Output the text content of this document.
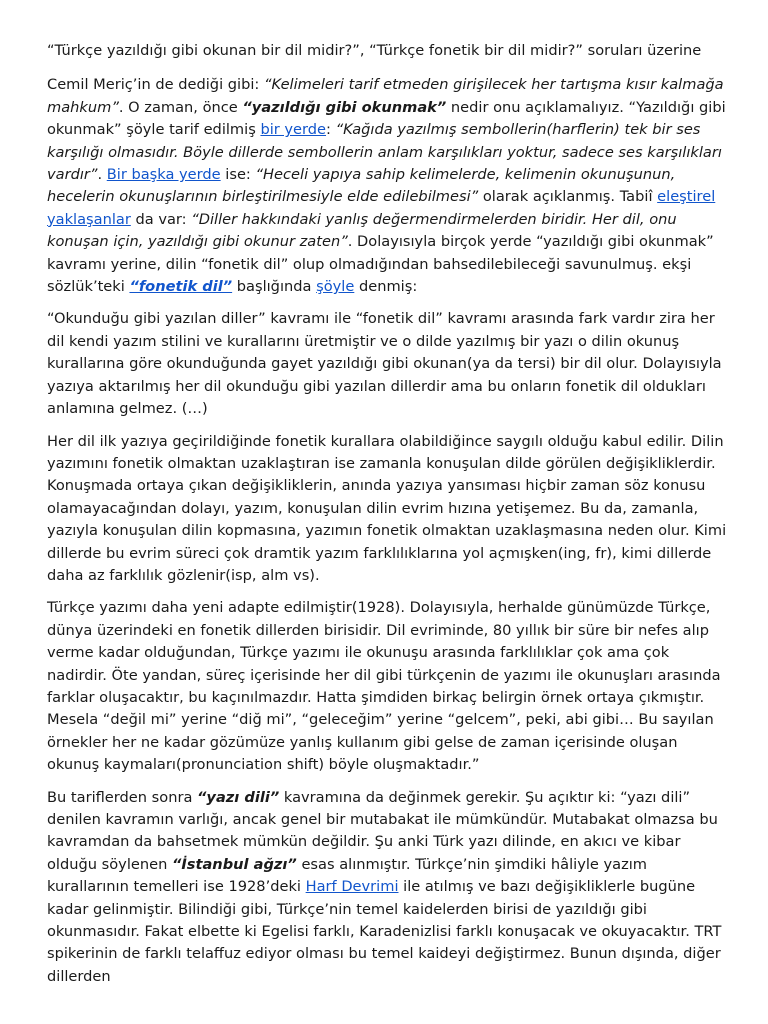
“Türkçe yazıldığı gibi okunan bir dil midir?”, “Türkçe fonetik bir dil midir?” soruları üzerine

Cemil Meriç’in de dediği gibi: “Kelimeleri tarif etmeden girişilecek her tartışma kısır kalmağa mahkum”. O zaman, önce “yazıldığı gibi okunmak” nedir onu açıklamalıyız. “Yazıldığı gibi okunmak” şöyle tarif edilmiş bir yerde: “Kağıda yazılmış sembollerin(harflerin) tek bir ses karşılığı olmasıdır. Böyle dillerde sembollerin anlam karşılıkları yoktur, sadece ses karşılıkları vardır”. Bir başka yerde ise: “Heceli yapıya sahip kelimelerde, kelimenin okunuşunun, hecelerin okunuşlarının birleştirilmesiyle elde edilebilmesi” olarak açıklanmış. Tabiî eleştirel yaklaşanlar da var: “Diller hakkındaki yanlış değermendirmelerden biridir. Her dil, onu konuşan için, yazıldığı gibi okunur zaten”. Dolayısıyla birçok yerde “yazıldığı gibi okunmak” kavramı yerine, dilin “fonetik dil” olup olmadığından bahsedilebileceği savunulmuş. ekşi sözlük’teki “fonetik dil” başlığında şöyle denmiş:

“Okunduğu gibi yazılan diller” kavramı ile “fonetik dil” kavramı arasında fark vardır zira her dil kendi yazım stilini ve kurallarını üretmiştir ve o dilde yazılmış bir yazı o dilin okunuş kurallarına göre okunduğunda gayet yazıldığı gibi okunan(ya da tersi) bir dil olur. Dolayısıyla yazıya aktarılmış her dil okunduğu gibi yazılan dillerdir ama bu onların fonetik dil oldukları anlamına gelmez. (…)

Her dil ilk yazıya geçirildiğinde fonetik kurallara olabildiğince saygılı olduğu kabul edilir. Dilin yazımını fonetik olmaktan uzaklaştıran ise zamanla konuşulan dilde görülen değişikliklerdir. Konuşmada ortaya çıkan değişikliklerin, anında yazıya yansıması hiçbir zaman söz konusu olamayacağından dolayı, yazım, konuşulan dilin evrim hızına yetişemez. Bu da, zamanla, yazıyla konuşulan dilin kopmasına, yazımın fonetik olmaktan uzaklaşmasına neden olur. Kimi dillerde bu evrim süreci çok dramtik yazım farklılıklarına yol açmışken(ing, fr), kimi dillerde daha az farklılık gözlenir(isp, alm vs).

Türkçe yazımı daha yeni adapte edilmiştir(1928). Dolayısıyla, herhalde günümüzde Türkçe, dünya üzerindeki en fonetik dillerden birisidir. Dil evriminde, 80 yıllık bir süre bir nefes alıp verme kadar olduğundan, Türkçe yazımı ile okunuşu arasında farklılıklar çok ama çok nadirdir. Öte yandan, süreç içerisinde her dil gibi türkçenin de yazımı ile okunuşları arasında farklar oluşacaktır, bu kaçınılmazdır. Hatta şimdiden birkaç belirgin örnek ortaya çıkmıştır. Mesela “değil mi” yerine “diğ mi”, “geleceğim” yerine “gelcem”, peki, abi gibi… Bu sayılan örnekler her ne kadar gözümüze yanlış kullanım gibi gelse de zaman içerisinde oluşan okunuş kaymaları(pronunciation shift) böyle oluşmaktadır.”

Bu tariflerden sonra “yazı dili” kavramına da değinmek gerekir. Şu açıktır ki: “yazı dili” denilen kavramın varlığı, ancak genel bir mutabakat ile mümkündür. Mutabakat olmazsa bu kavramdan da bahsetmek mümkün değildir. Şu anki Türk yazı dilinde, en akıcı ve kibar olduğu söylenen “İstanbul ağzı” esas alınmıştır. Türkçe’nin şimdiki hâliyle yazım kurallarının temelleri ise 1928’deki Harf Devrimi ile atılmış ve bazı değişikliklerle bugüne kadar gelinmiştir. Bilindiği gibi, Türkçe’nin temel kaidelerden birisi de yazıldığı gibi okunmasıdır. Fakat elbette ki Egelisi farklı, Karadenizlisi farklı konuşacak ve okuyacaktır. TRT spikerinin de farklı telaffuz ediyor olması bu temel kaideyi değiştirmez. Bunun dışında, diğer dillerden
